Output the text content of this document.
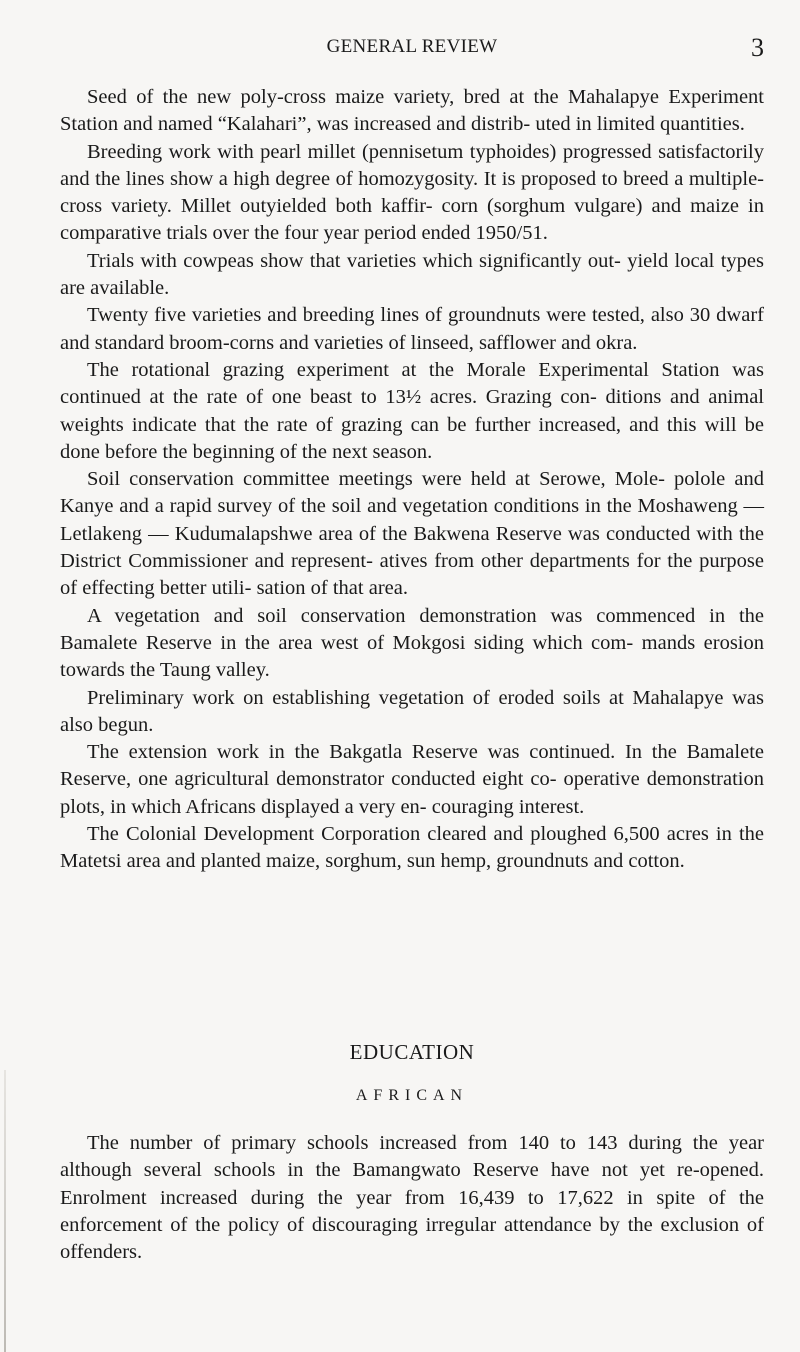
GENERAL REVIEW	3

Seed of the new poly-cross maize variety, bred at the Mahalapye Experiment Station and named “Kalahari”, was increased and distrib- uted in limited quantities.

Breeding work with pearl millet (pennisetum typhoides) progressed satisfactorily and the lines show a high degree of homozygosity. It is proposed to breed a multiple-cross variety. Millet outyielded both kaffir- corn (sorghum vulgare) and maize in comparative trials over the four year period ended 1950/51.

Trials with cowpeas show that varieties which significantly out- yield local types are available.

Twenty five varieties and breeding lines of groundnuts were tested, also 30 dwarf and standard broom-corns and varieties of linseed, safflower and okra.

The rotational grazing experiment at the Morale Experimental Station was continued at the rate of one beast to 13½ acres. Grazing con- ditions and animal weights indicate that the rate of grazing can be further increased, and this will be done before the beginning of the next season.

Soil conservation committee meetings were held at Serowe, Mole- polole and Kanye and a rapid survey of the soil and vegetation conditions in the Moshaweng — Letlakeng — Kudumalapshwe area of the Bakwena Reserve was conducted with the District Commissioner and represent- atives from other departments for the purpose of effecting better utili- sation of that area.

A vegetation and soil conservation demonstration was commenced in the Bamalete Reserve in the area west of Mokgosi siding which com- mands erosion towards the Taung valley.

Preliminary work on establishing vegetation of eroded soils at Mahalapye was also begun.

The extension work in the Bakgatla Reserve was continued. In the Bamalete Reserve, one agricultural demonstrator conducted eight co- operative demonstration plots, in which Africans displayed a very en- couraging interest.

The Colonial Development Corporation cleared and ploughed 6,500 acres in the Matetsi area and planted maize, sorghum, sun hemp, groundnuts and cotton.

EDUCATION
AFRICAN

The number of primary schools increased from 140 to 143 during the year although several schools in the Bamangwato Reserve have not yet re-opened. Enrolment increased during the year from 16,439 to 17,622 in spite of the enforcement of the policy of discouraging irregular attendance by the exclusion of offenders.
